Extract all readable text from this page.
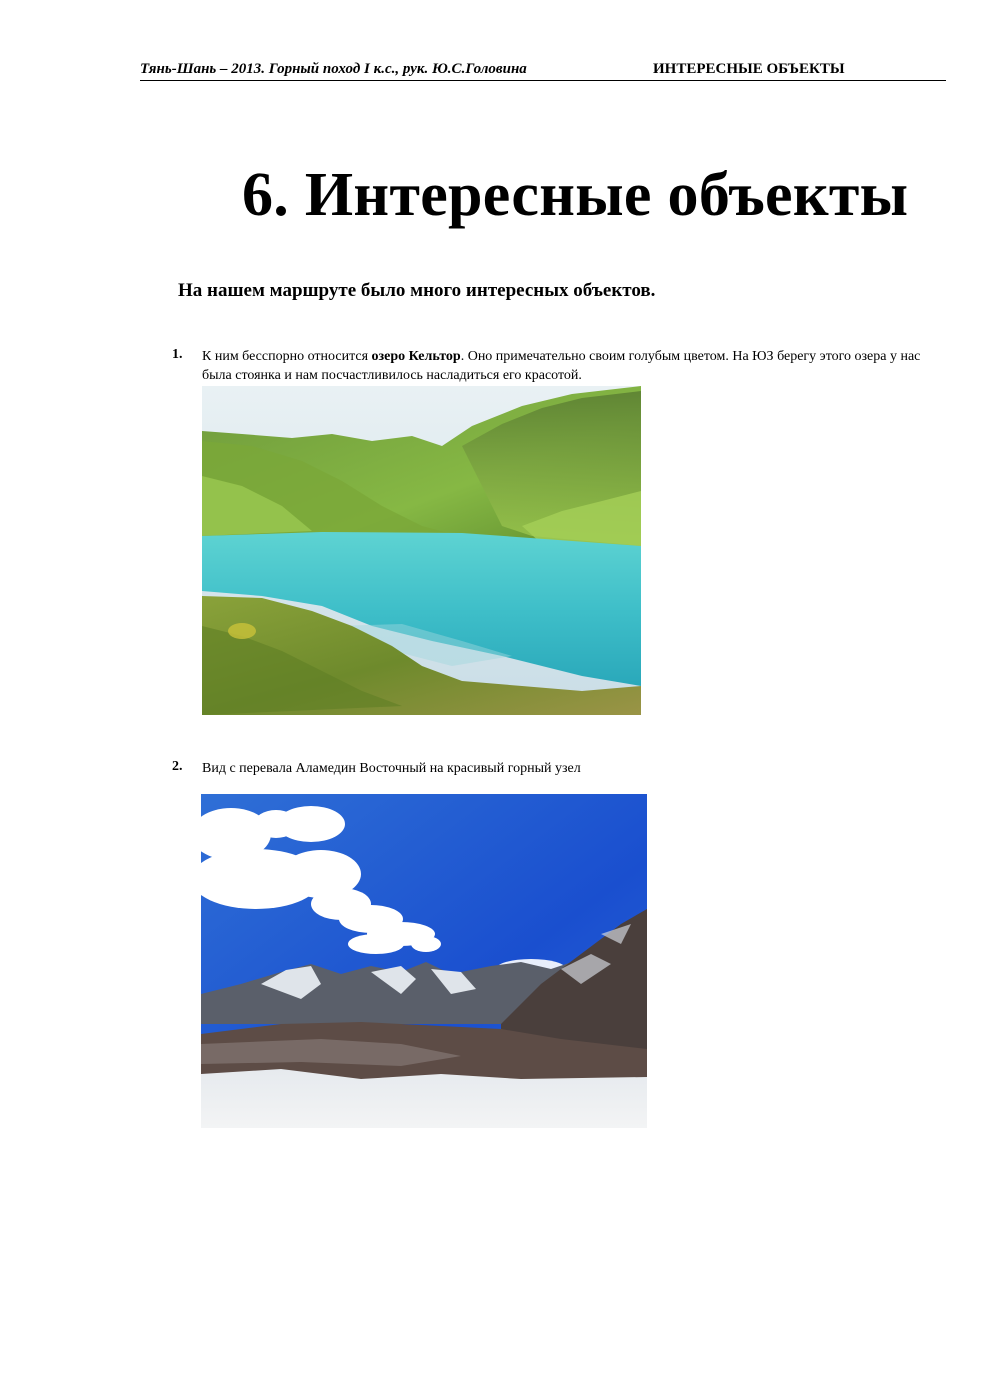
Тянь-Шань – 2013. Горный поход I к.с., рук. Ю.С.Головина	ИНТЕРЕСНЫЕ ОБЪЕКТЫ
6. Интересные объекты
На нашем маршруте было много интересных объектов.
1. К ним бесспорно относится озеро Кельтор. Оно примечательно своим голубым цветом. На ЮЗ берегу этого озера у нас была стоянка и нам посчастливилось насладиться его красотой.
2. Вид с перевала Аламедин Восточный на красивый горный узел
